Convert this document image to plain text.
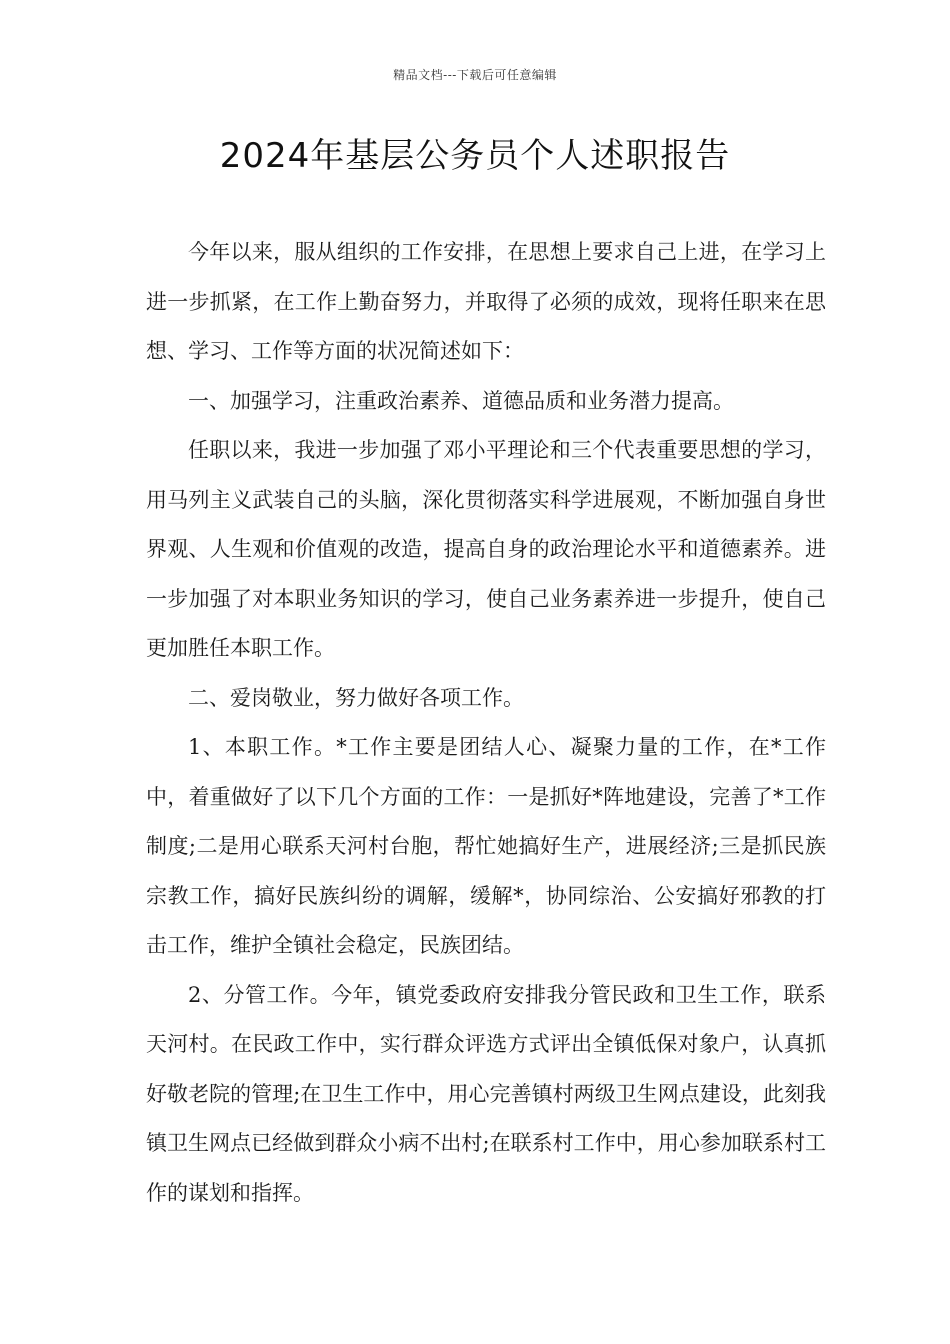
精品文档---下载后可任意编辑
2024年基层公务员个人述职报告

今年以来，服从组织的工作安排，在思想上要求自己上进，在学习上进一步抓紧，在工作上勤奋努力，并取得了必须的成效，现将任职来在思想、学习、工作等方面的状况简述如下：

一、加强学习，注重政治素养、道德品质和业务潜力提高。

任职以来，我进一步加强了邓小平理论和三个代表重要思想的学习，用马列主义武装自己的头脑，深化贯彻落实科学进展观，不断加强自身世界观、人生观和价值观的改造，提高自身的政治理论水平和道德素养。进一步加强了对本职业务知识的学习，使自己业务素养进一步提升，使自己更加胜任本职工作。

二、爱岗敬业，努力做好各项工作。

1、本职工作。*工作主要是团结人心、凝聚力量的工作，在*工作中，着重做好了以下几个方面的工作：一是抓好*阵地建设，完善了*工作制度;二是用心联系天河村台胞，帮忙她搞好生产，进展经济;三是抓民族宗教工作，搞好民族纠纷的调解，缓解*，协同综治、公安搞好邪教的打击工作，维护全镇社会稳定，民族团结。

2、分管工作。今年，镇党委政府安排我分管民政和卫生工作，联系天河村。在民政工作中，实行群众评选方式评出全镇低保对象户，认真抓好敬老院的管理;在卫生工作中，用心完善镇村两级卫生网点建设，此刻我镇卫生网点已经做到群众小病不出村;在联系村工作中，用心参加联系村工作的谋划和指挥。
